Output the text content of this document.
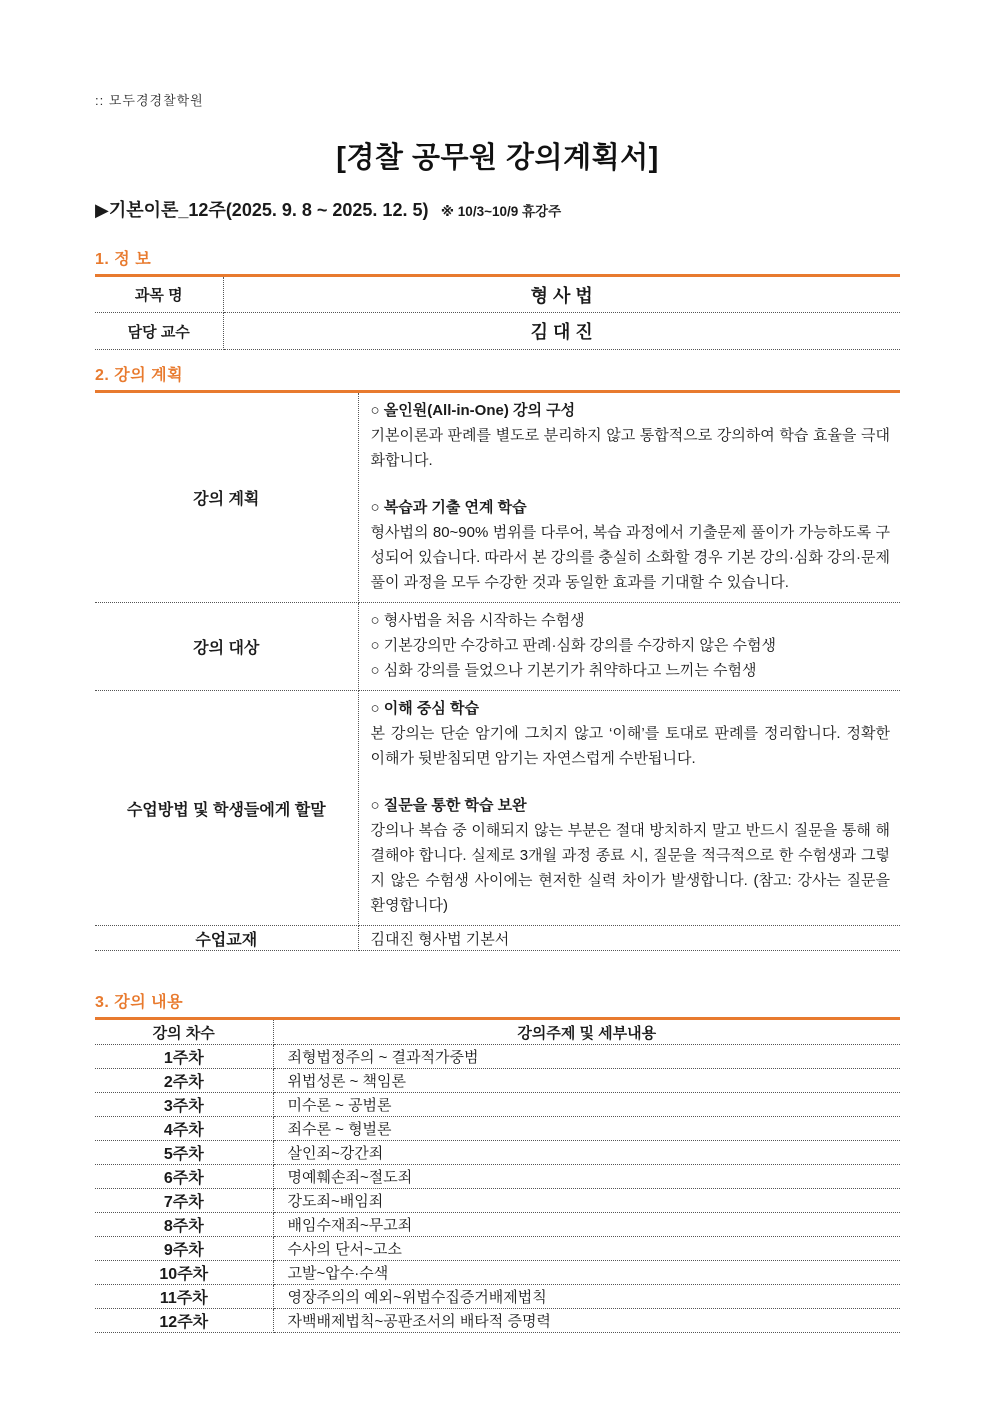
:: 모두경경찰학원
[경찰 공무원 강의계획서]
▶기본이론_12주(2025. 9. 8 ~ 2025. 12. 5) ※ 10/3~10/9 휴강주
1. 정 보
과목 명	형 사 법
담당 교수	김 대 진
2. 강의 계획
강의 계획	○ 올인원(All-in-One) 강의 구성

기본이론과 판례를 별도로 분리하지 않고 통합적으로 강의하여 학습 효율을 극대화합니다.

○ 복습과 기출 연계 학습

형사법의 80~90% 범위를 다루어, 복습 과정에서 기출문제 풀이가 가능하도록 구성되어 있습니다. 따라서 본 강의를 충실히 소화할 경우 기본 강의·심화 강의·문제풀이 과정을 모두 수강한 것과 동일한 효과를 기대할 수 있습니다.

강의 대상	○ 형사법을 처음 시작하는 수험생

○ 기본강의만 수강하고 판례·심화 강의를 수강하지 않은 수험생

○ 심화 강의를 들었으나 기본기가 취약하다고 느끼는 수험생

수업방법 및 학생들에게 할말	○ 이해 중심 학습

본 강의는 단순 암기에 그치지 않고 ‘이해’를 토대로 판례를 정리합니다. 정확한 이해가 뒷받침되면 암기는 자연스럽게 수반됩니다.

○ 질문을 통한 학습 보완

강의나 복습 중 이해되지 않는 부분은 절대 방치하지 말고 반드시 질문을 통해 해결해야 합니다. 실제로 3개월 과정 종료 시, 질문을 적극적으로 한 수험생과 그렇지 않은 수험생 사이에는 현저한 실력 차이가 발생합니다. (참고: 강사는 질문을 환영합니다)

수업교재	김대진 형사법 기본서
3. 강의 내용
강의 차수	강의주제 및 세부내용
1주차	죄형법정주의 ~ 결과적가중범
2주차	위법성론 ~ 책임론
3주차	미수론 ~ 공범론
4주차	죄수론 ~ 형벌론
5주차	살인죄~강간죄
6주차	명예훼손죄~절도죄
7주차	강도죄~배임죄
8주차	배임수재죄~무고죄
9주차	수사의 단서~고소
10주차	고발~압수·수색
11주차	영장주의의 예외~위법수집증거배제법칙
12주차	자백배제법칙~공판조서의 배타적 증명력
